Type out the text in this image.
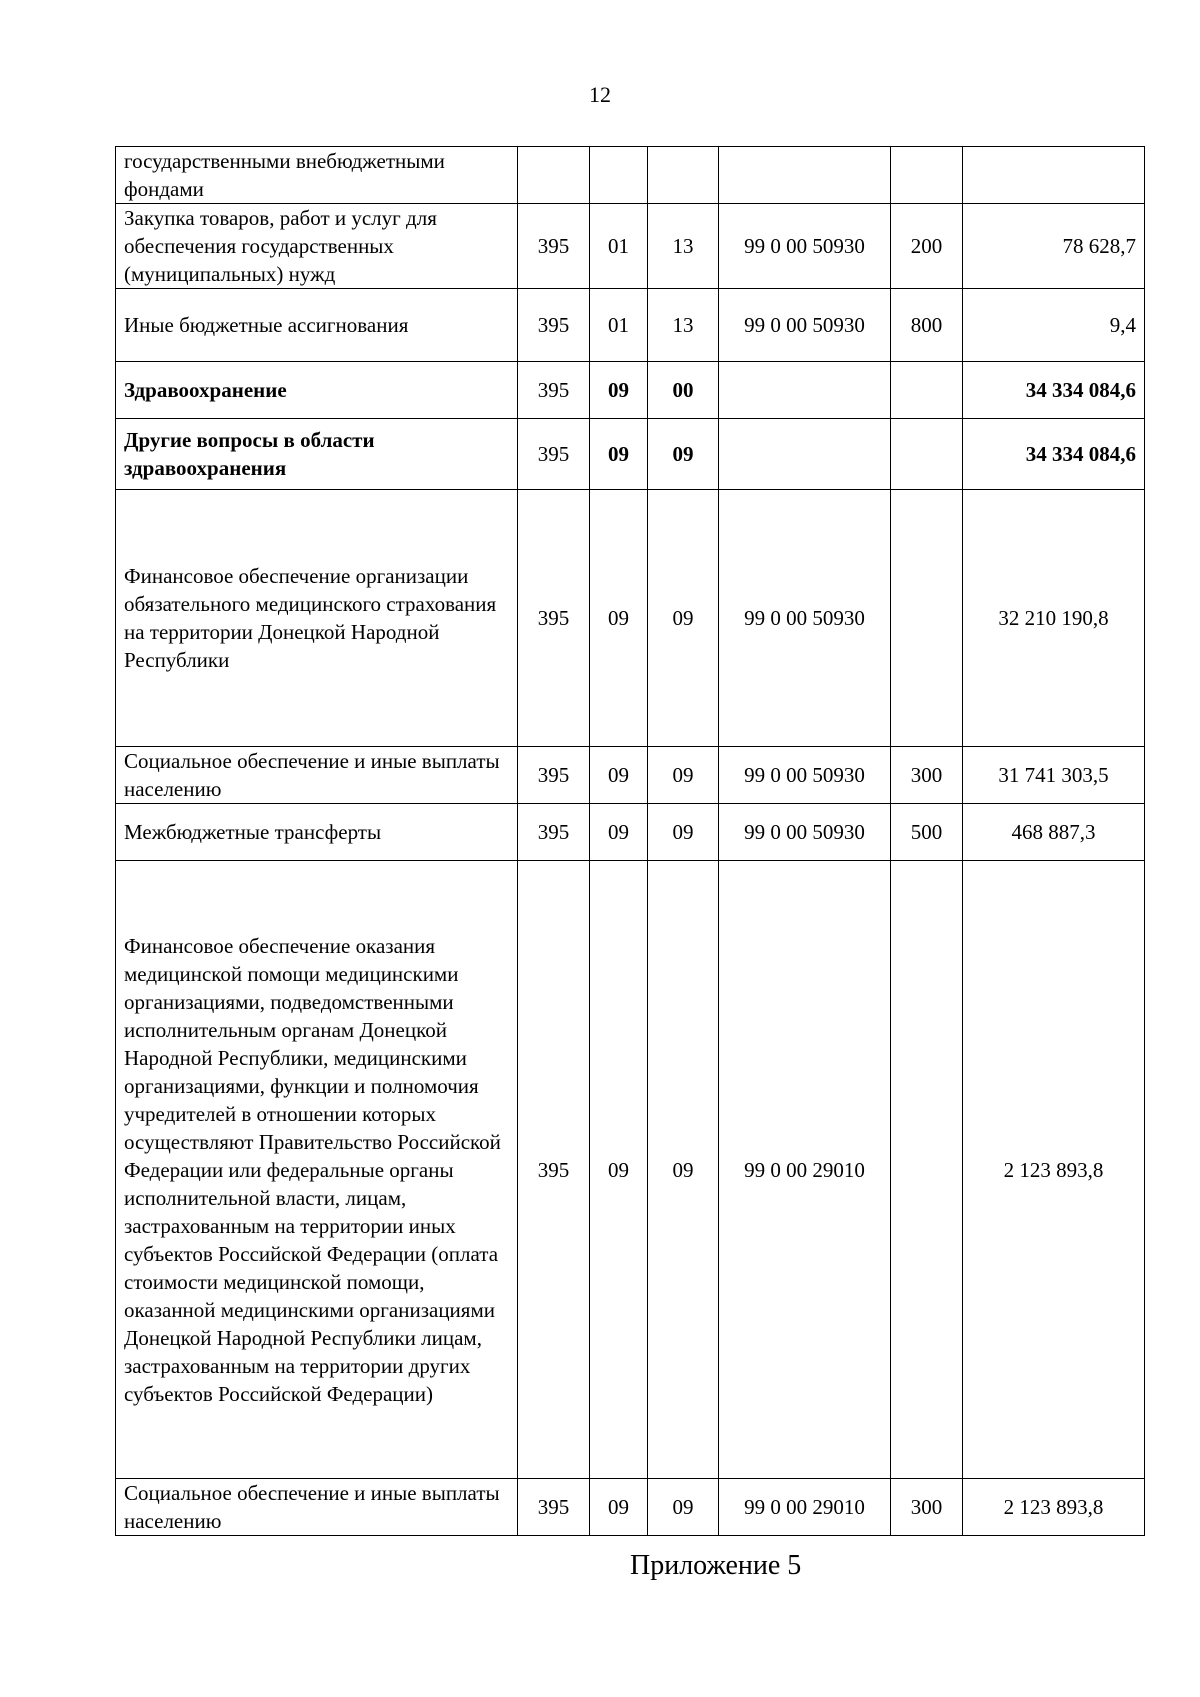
12
государственными внебюджетными фондами						
Закупка товаров, работ и услуг для обеспечения государственных (муниципальных) нужд	395	01	13	99 0 00 50930	200	78 628,7
Иные бюджетные ассигнования	395	01	13	99 0 00 50930	800	9,4
Здравоохранение	395	09	00			34 334 084,6
Другие вопросы в области здравоохранения	395	09	09			34 334 084,6
Финансовое обеспечение организации обязательного медицинского страхования на территории Донецкой Народной Республики	395	09	09	99 0 00 50930		32 210 190,8
Социальное обеспечение и иные выплаты населению	395	09	09	99 0 00 50930	300	31 741 303,5
Межбюджетные трансферты	395	09	09	99 0 00 50930	500	468 887,3
Финансовое обеспечение оказания медицинской помощи медицинскими организациями, подведомственными исполнительным органам Донецкой Народной Республики, медицинскими организациями, функции и полномочия учредителей в отношении которых осуществляют Правительство Российской Федерации или федеральные органы исполнительной власти, лицам, застрахованным на территории иных субъектов Российской Федерации (оплата стоимости медицинской помощи, оказанной медицинскими организациями Донецкой Народной Республики лицам, застрахованным на территории других субъектов Российской Федерации)	395	09	09	99 0 00 29010		2 123 893,8
Социальное обеспечение и иные выплаты населению	395	09	09	99 0 00 29010	300	2 123 893,8
Приложение 5
